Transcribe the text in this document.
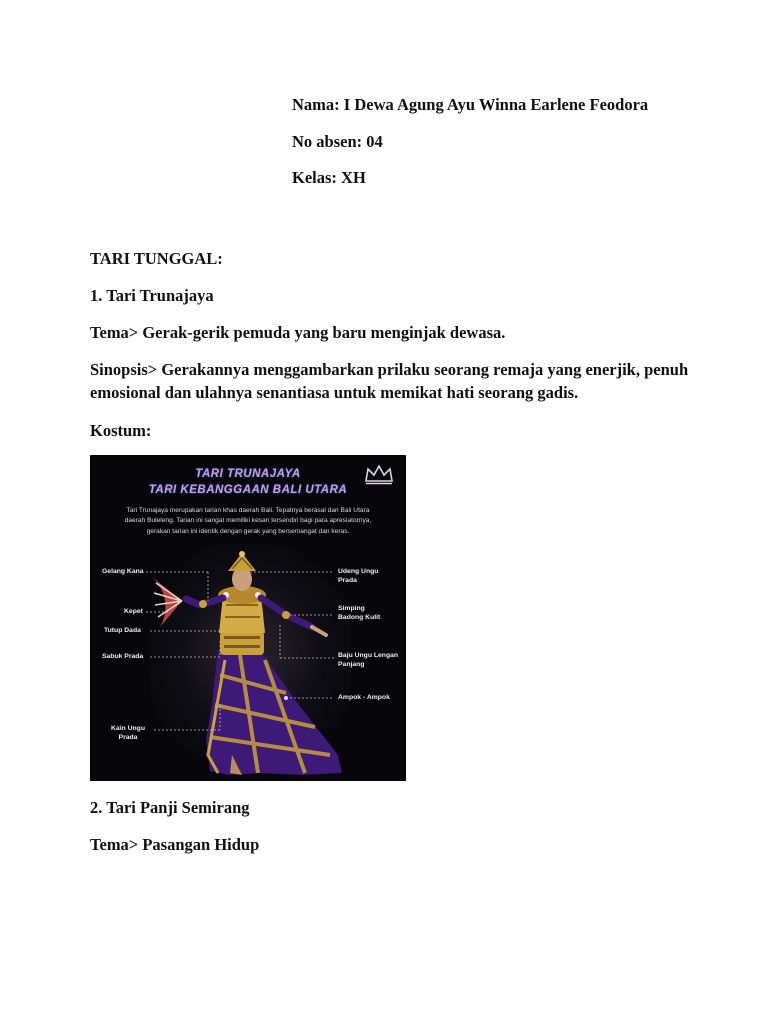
Nama: I Dewa Agung Ayu Winna Earlene Feodora
No absen: 04
Kelas: XH
TARI TUNGGAL:
1. Tari Trunajaya
Tema> Gerak-gerik pemuda yang baru menginjak dewasa.
Sinopsis> Gerakannya menggambarkan prilaku seorang remaja yang enerjik, penuh emosional dan ulahnya senantiasa untuk memikat hati seorang gadis.
Kostum:
TARI TRUNAJAYA
TARI KEBANGGAAN BALI UTARA
Tari Trunajaya merupakan tarian khas daerah Bali. Tepatnya berasal dari Bali Utara daerah Buleleng. Tarian ini sangat memiliki kesan tersendiri bagi para apresiatornya, gerakan tarian ini identik dengan gerak yang bersemangat dan keras.
Gelang Kana
Kepet
Tutup Dada
Sabuk Prada
Kain Ungu Prada
Udeng Ungu Prada
Simping Badong Kulit
Baju Ungu Lengan Panjang
Ampok - Ampok
2. Tari Panji Semirang
Tema> Pasangan Hidup
